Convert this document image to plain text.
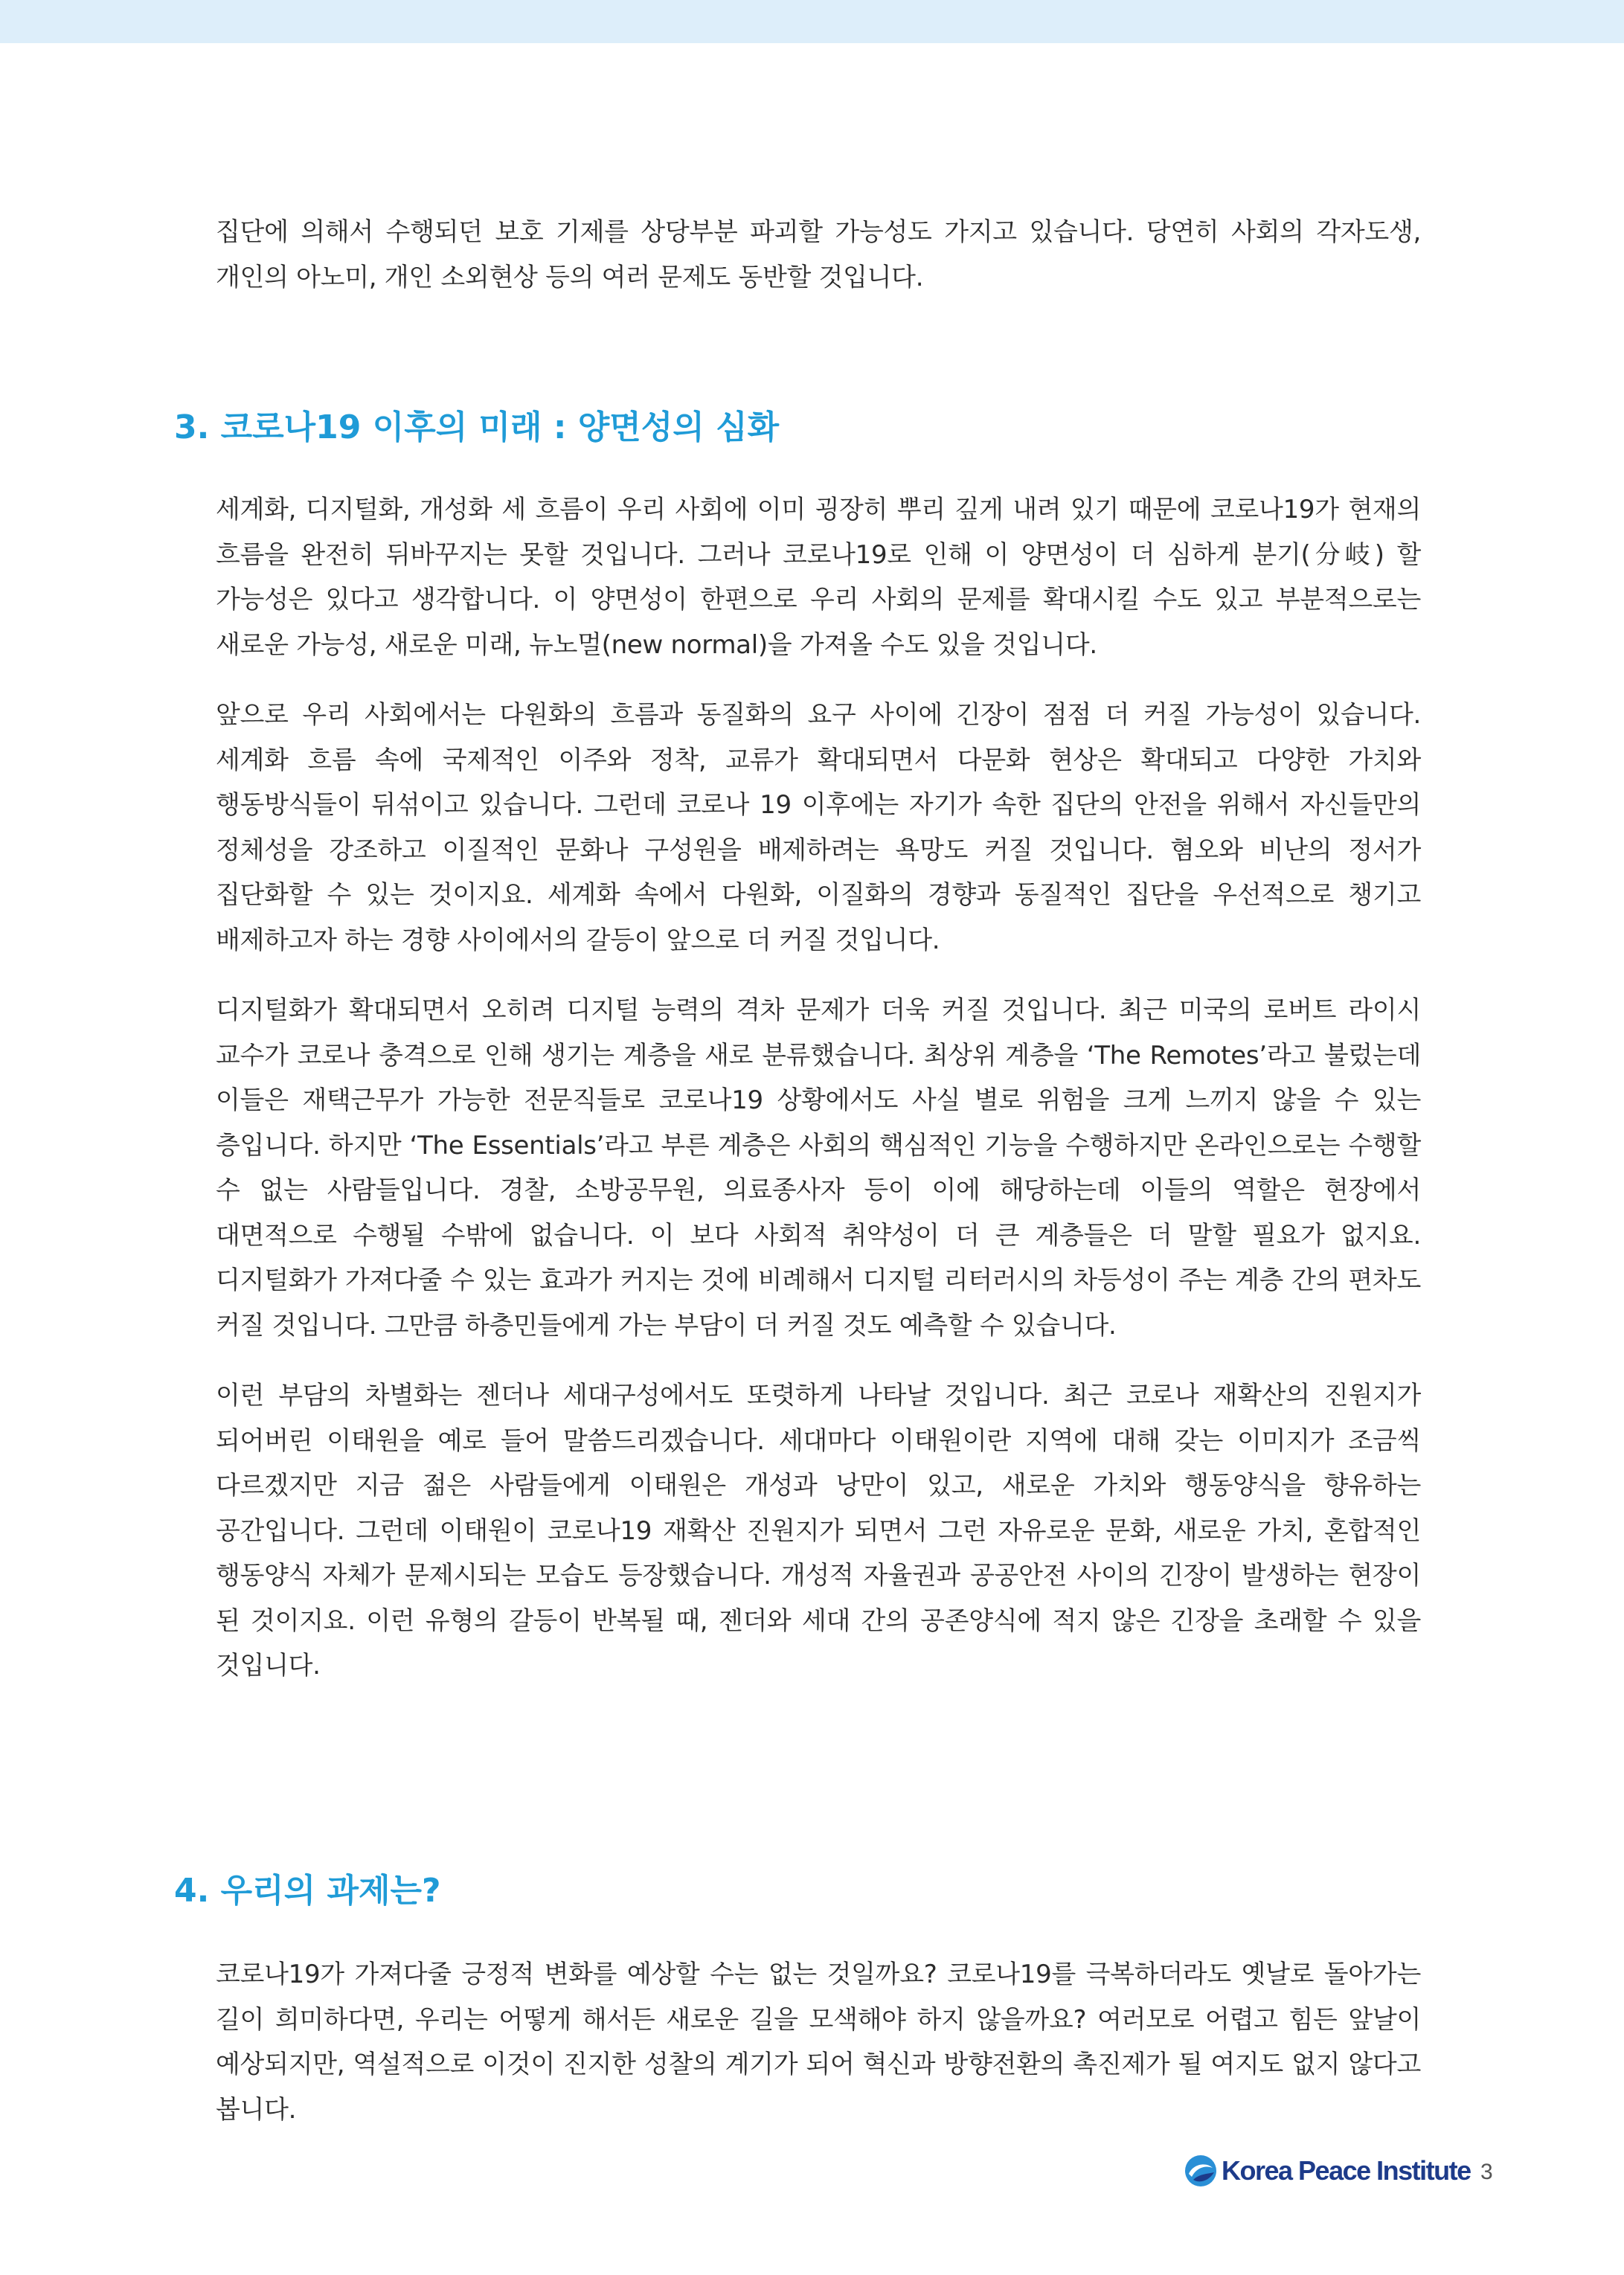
집단에 의해서 수행되던 보호 기제를 상당부분 파괴할 가능성도 가지고 있습니다. 당연히 사회의 각자도생, 개인의 아노미, 개인 소외현상 등의 여러 문제도 동반할 것입니다.

3. 코로나19 이후의 미래 : 양면성의 심화

세계화, 디지털화, 개성화 세 흐름이 우리 사회에 이미 굉장히 뿌리 깊게 내려 있기 때문에 코로나19가 현재의 흐름을 완전히 뒤바꾸지는 못할 것입니다. 그러나 코로나19로 인해 이 양면성이 더 심하게 분기(分岐) 할 가능성은 있다고 생각합니다. 이 양면성이 한편으로 우리 사회의 문제를 확대시킬 수도 있고 부분적으로는 새로운 가능성, 새로운 미래, 뉴노멀(new normal)을 가져올 수도 있을 것입니다.

앞으로 우리 사회에서는 다원화의 흐름과 동질화의 요구 사이에 긴장이 점점 더 커질 가능성이 있습니다. 세계화 흐름 속에 국제적인 이주와 정착, 교류가 확대되면서 다문화 현상은 확대되고 다양한 가치와 행동방식들이 뒤섞이고 있습니다. 그런데 코로나 19 이후에는 자기가 속한 집단의 안전을 위해서 자신들만의 정체성을 강조하고 이질적인 문화나 구성원을 배제하려는 욕망도 커질 것입니다. 혐오와 비난의 정서가 집단화할 수 있는 것이지요. 세계화 속에서 다원화, 이질화의 경향과 동질적인 집단을 우선적으로 챙기고 배제하고자 하는 경향 사이에서의 갈등이 앞으로 더 커질 것입니다.

디지털화가 확대되면서 오히려 디지털 능력의 격차 문제가 더욱 커질 것입니다. 최근 미국의 로버트 라이시 교수가 코로나 충격으로 인해 생기는 계층을 새로 분류했습니다. 최상위 계층을 ‘The Remotes’라고 불렀는데 이들은 재택근무가 가능한 전문직들로 코로나19 상황에서도 사실 별로 위험을 크게 느끼지 않을 수 있는 층입니다. 하지만 ‘The Essentials’라고 부른 계층은 사회의 핵심적인 기능을 수행하지만 온라인으로는 수행할 수 없는 사람들입니다. 경찰, 소방공무원, 의료종사자 등이 이에 해당하는데 이들의 역할은 현장에서 대면적으로 수행될 수밖에 없습니다. 이 보다 사회적 취약성이 더 큰 계층들은 더 말할 필요가 없지요. 디지털화가 가져다줄 수 있는 효과가 커지는 것에 비례해서 디지털 리터러시의 차등성이 주는 계층 간의 편차도 커질 것입니다. 그만큼 하층민들에게 가는 부담이 더 커질 것도 예측할 수 있습니다.

이런 부담의 차별화는 젠더나 세대구성에서도 또렷하게 나타날 것입니다. 최근 코로나 재확산의 진원지가 되어버린 이태원을 예로 들어 말씀드리겠습니다. 세대마다 이태원이란 지역에 대해 갖는 이미지가 조금씩 다르겠지만 지금 젊은 사람들에게 이태원은 개성과 낭만이 있고, 새로운 가치와 행동양식을 향유하는 공간입니다. 그런데 이태원이 코로나19 재확산 진원지가 되면서 그런 자유로운 문화, 새로운 가치, 혼합적인 행동양식 자체가 문제시되는 모습도 등장했습니다. 개성적 자율권과 공공안전 사이의 긴장이 발생하는 현장이 된 것이지요. 이런 유형의 갈등이 반복될 때, 젠더와 세대 간의 공존양식에 적지 않은 긴장을 초래할 수 있을 것입니다.

4. 우리의 과제는?

코로나19가 가져다줄 긍정적 변화를 예상할 수는 없는 것일까요? 코로나19를 극복하더라도 옛날로 돌아가는 길이 희미하다면, 우리는 어떻게 해서든 새로운 길을 모색해야 하지 않을까요? 여러모로 어렵고 힘든 앞날이 예상되지만, 역설적으로 이것이 진지한 성찰의 계기가 되어 혁신과 방향전환의 촉진제가 될 여지도 없지 않다고 봅니다.

Korea Peace Institute 3
